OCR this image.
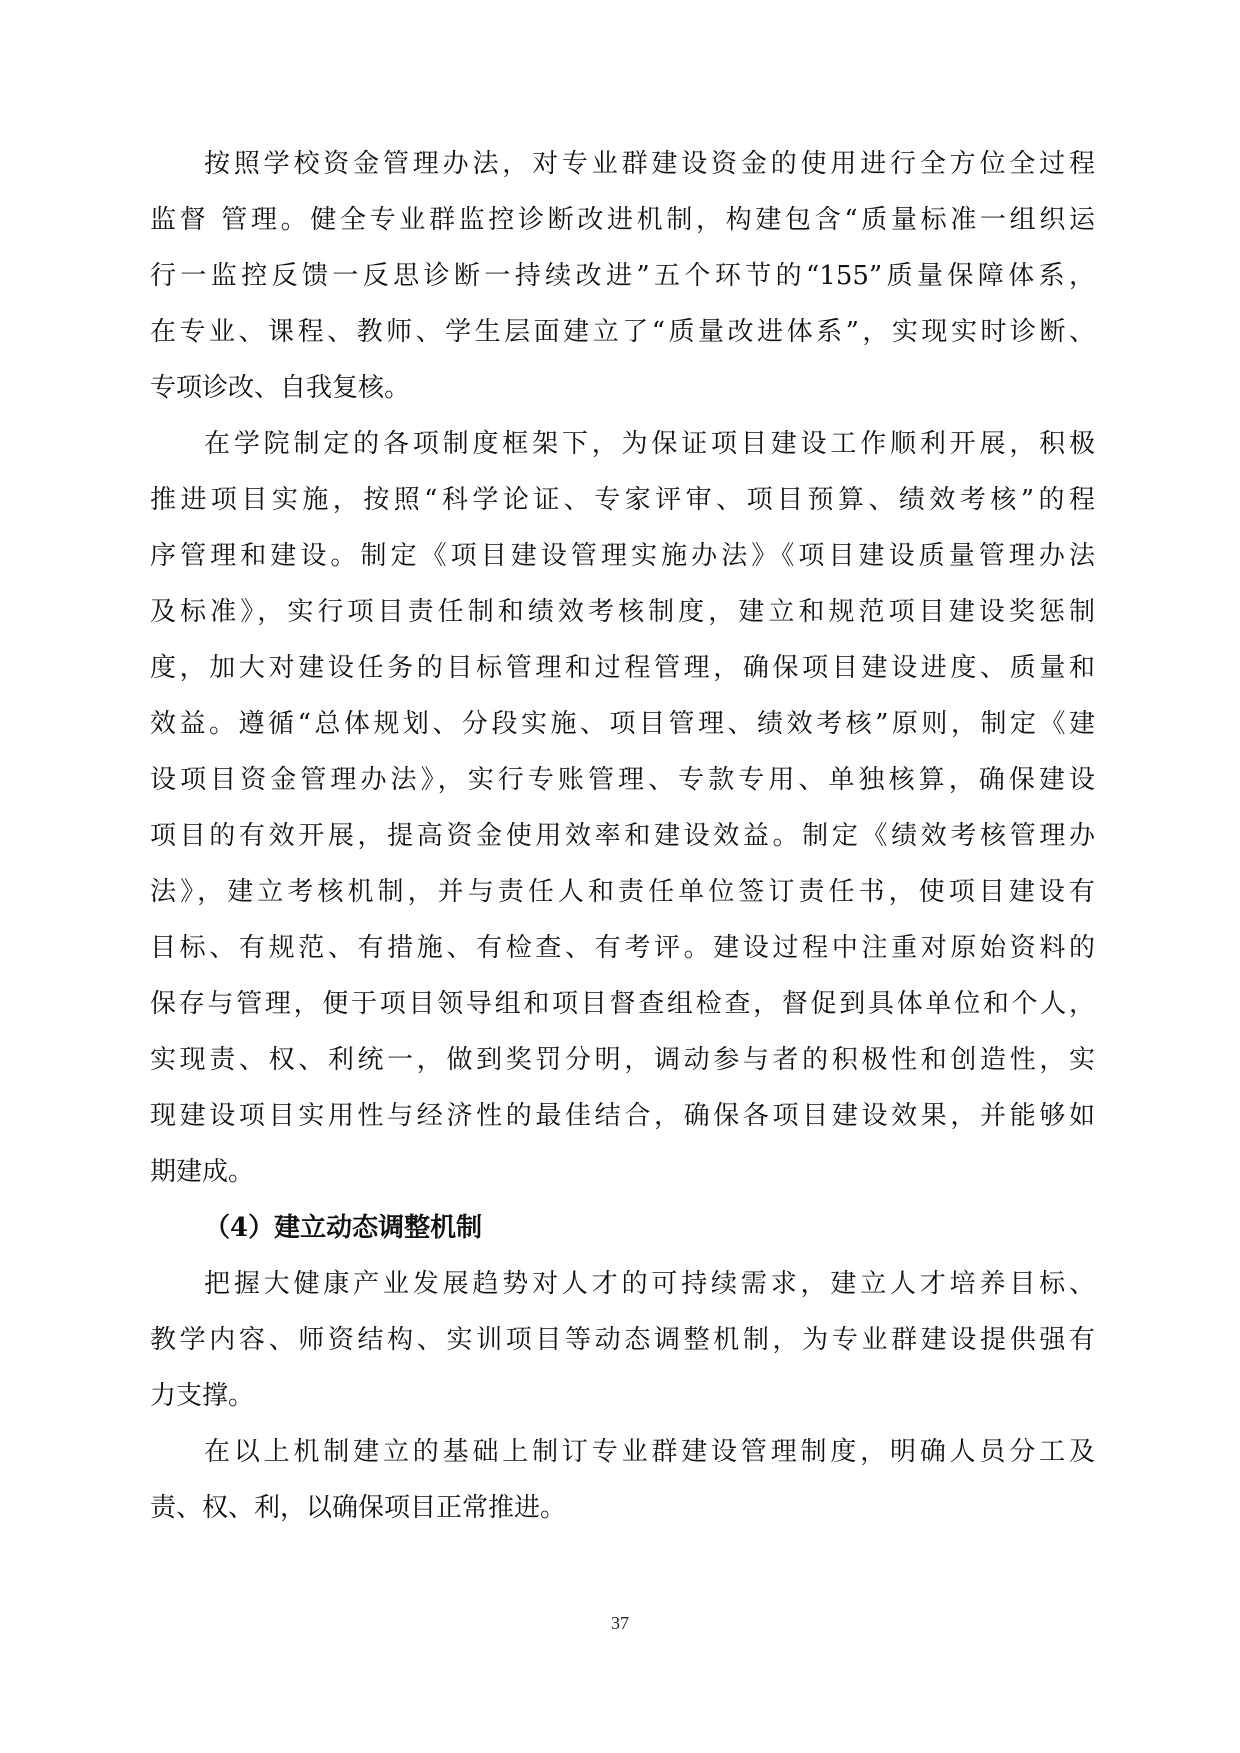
按照学校资金管理办法，对专业群建设资金的使用进行全方位全过程
监督 管理。健全专业群监控诊断改进机制，构建包含“质量标准一组织运
行一监控反馈一反思诊断一持续改进”五个环节的“155”质量保障体系，
在专业、课程、教师、学生层面建立了“质量改进体系”，实现实时诊断、
专项诊改、自我复核。
在学院制定的各项制度框架下，为保证项目建设工作顺利开展，积极
推进项目实施，按照“科学论证、专家评审、项目预算、绩效考核”的程
序管理和建设。制定《项目建设管理实施办法》《项目建设质量管理办法
及标准》，实行项目责任制和绩效考核制度，建立和规范项目建设奖惩制
度，加大对建设任务的目标管理和过程管理，确保项目建设进度、质量和
效益。遵循“总体规划、分段实施、项目管理、绩效考核”原则，制定《建
设项目资金管理办法》，实行专账管理、专款专用、单独核算，确保建设
项目的有效开展，提高资金使用效率和建设效益。制定《绩效考核管理办
法》，建立考核机制，并与责任人和责任单位签订责任书，使项目建设有
目标、有规范、有措施、有检查、有考评。建设过程中注重对原始资料的
保存与管理，便于项目领导组和项目督查组检查，督促到具体单位和个人，
实现责、权、利统一，做到奖罚分明，调动参与者的积极性和创造性，实
现建设项目实用性与经济性的最佳结合，确保各项目建设效果，并能够如
期建成。
（4）建立动态调整机制
把握大健康产业发展趋势对人才的可持续需求，建立人才培养目标、
教学内容、师资结构、实训项目等动态调整机制，为专业群建设提供强有
力支撑。
在以上机制建立的基础上制订专业群建设管理制度，明确人员分工及
责、权、利，以确保项目正常推进。
37
